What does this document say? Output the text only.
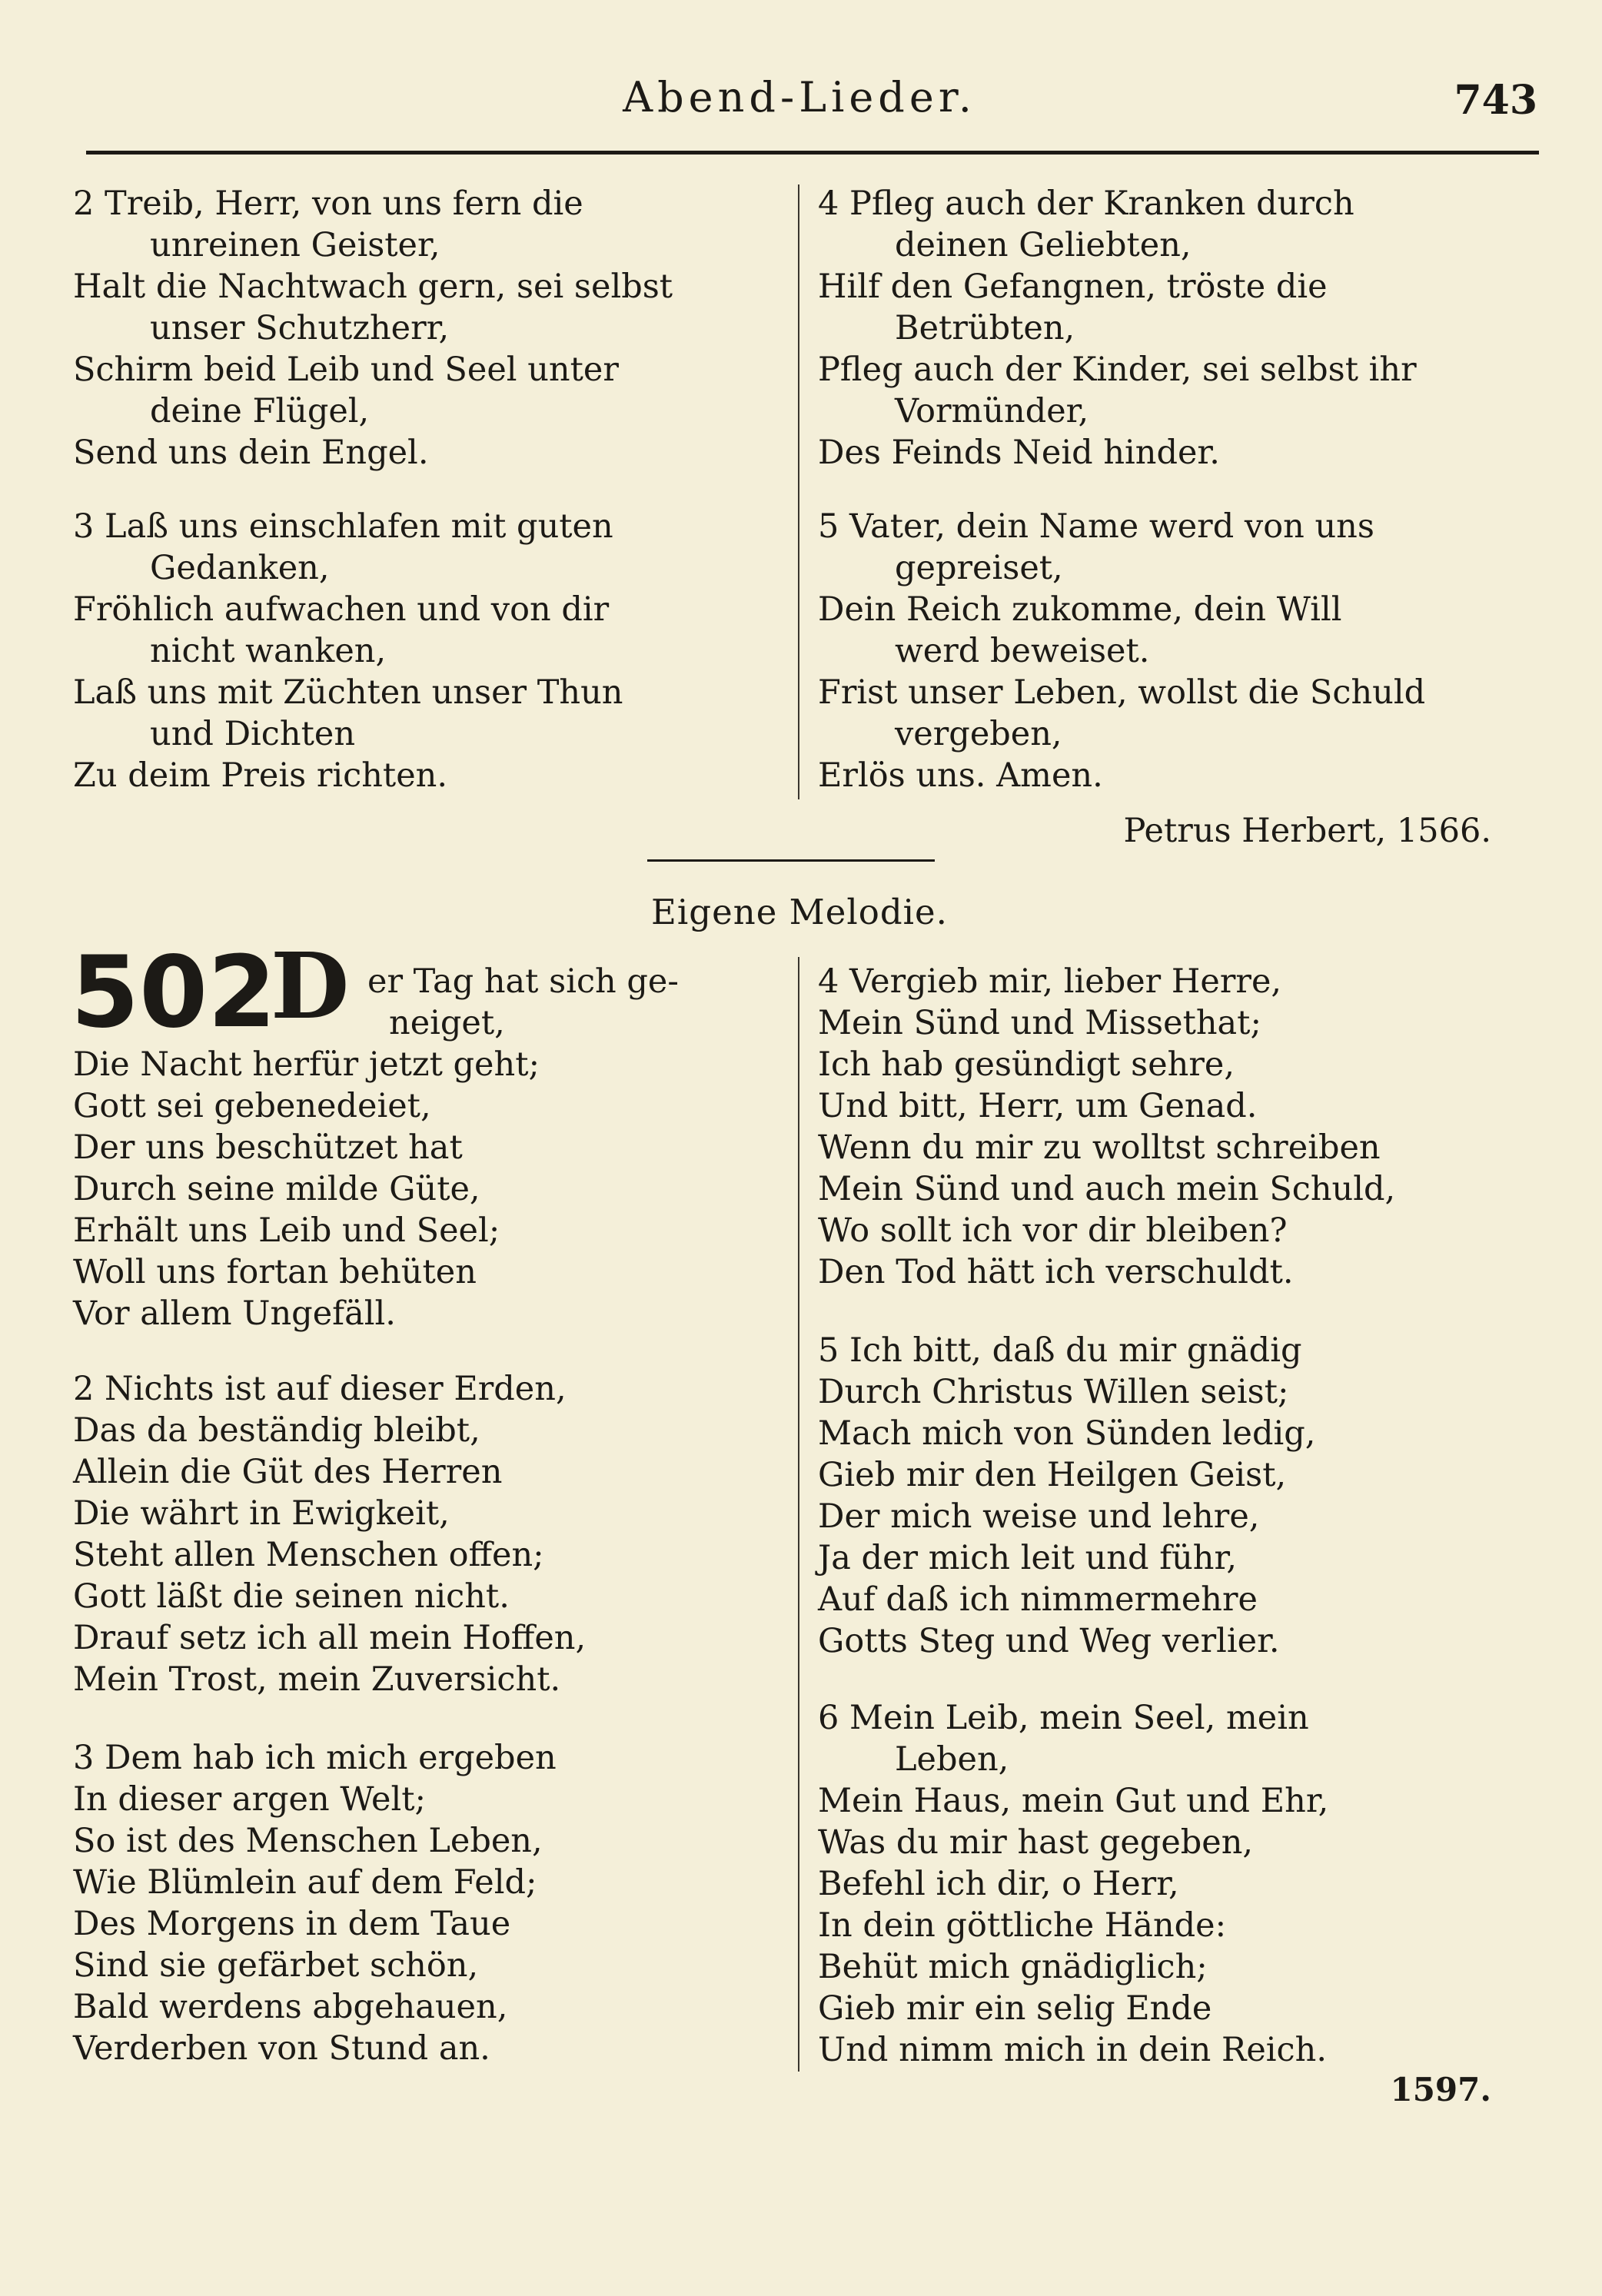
Abend-Lieder.	743
2 Treib, Herr, von uns fern die
unreinen Geister,
Halt die Nachtwach gern, sei selbst
unser Schutzherr,
Schirm beid Leib und Seel unter
deine Flügel,
Send uns dein Engel.
3 Laß uns einschlafen mit guten
Gedanken,
Fröhlich aufwachen und von dir
nicht wanken,
Laß uns mit Züchten unser Thun
und Dichten
Zu deim Preis richten.
4 Pfleg auch der Kranken durch
deinen Geliebten,
Hilf den Gefangnen, tröste die
Betrübten,
Pfleg auch der Kinder, sei selbst ihr
Vormünder,
Des Feinds Neid hinder.
5 Vater, dein Name werd von uns
gepreiset,
Dein Reich zukomme, dein Will
werd beweiset.
Frist unser Leben, wollst die Schuld
vergeben,
Erlös uns. Amen.
Petrus Herbert, 1566.
Eigene Melodie.
502
D er Tag hat sich ge-
neiget,
Die Nacht herfür jetzt geht;
Gott sei gebenedeiet,
Der uns beschützet hat
Durch seine milde Güte,
Erhält uns Leib und Seel;
Woll uns fortan behüten
Vor allem Ungefäll.
2 Nichts ist auf dieser Erden,
Das da beständig bleibt,
Allein die Güt des Herren
Die währt in Ewigkeit,
Steht allen Menschen offen;
Gott läßt die seinen nicht.
Drauf setz ich all mein Hoffen,
Mein Trost, mein Zuversicht.
3 Dem hab ich mich ergeben
In dieser argen Welt;
So ist des Menschen Leben,
Wie Blümlein auf dem Feld;
Des Morgens in dem Taue
Sind sie gefärbet schön,
Bald werdens abgehauen,
Verderben von Stund an.
4 Vergieb mir, lieber Herre,
Mein Sünd und Missethat;
Ich hab gesündigt sehre,
Und bitt, Herr, um Genad.
Wenn du mir zu wolltst schreiben
Mein Sünd und auch mein Schuld,
Wo sollt ich vor dir bleiben?
Den Tod hätt ich verschuldt.
5 Ich bitt, daß du mir gnädig
Durch Christus Willen seist;
Mach mich von Sünden ledig,
Gieb mir den Heilgen Geist,
Der mich weise und lehre,
Ja der mich leit und führ,
Auf daß ich nimmermehre
Gotts Steg und Weg verlier.
6 Mein Leib, mein Seel, mein
Leben,
Mein Haus, mein Gut und Ehr,
Was du mir hast gegeben,
Befehl ich dir, o Herr,
In dein göttliche Hände:
Behüt mich gnädiglich;
Gieb mir ein selig Ende
Und nimm mich in dein Reich.
1597.
